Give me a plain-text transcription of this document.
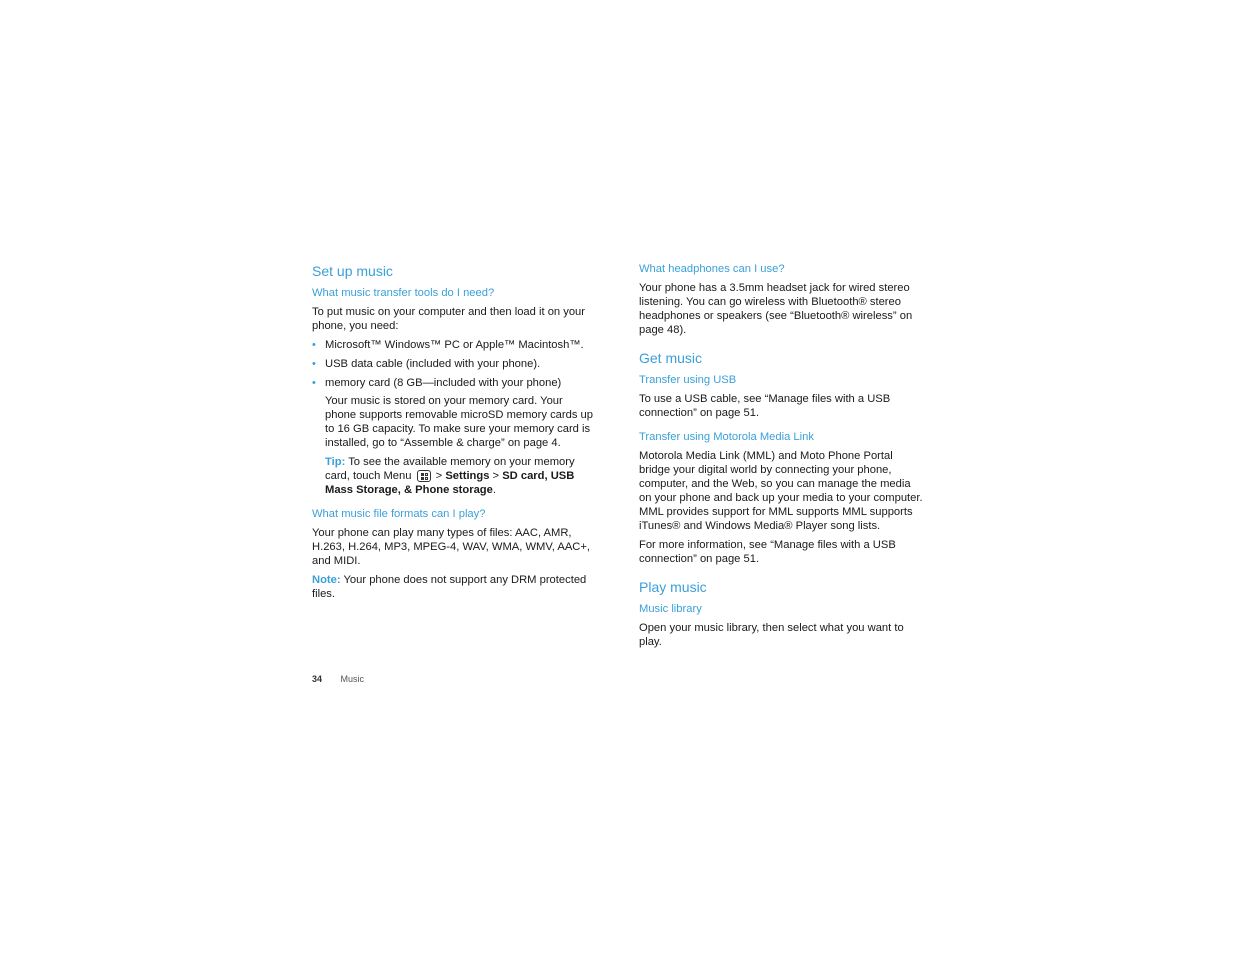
Set up music
What music transfer tools do I need?

To put music on your computer and then load it on your phone, you need:

• Microsoft™ Windows™ PC or Apple™ Macintosh™.
• USB data cable (included with your phone).
• memory card (8 GB—included with your phone)

Your music is stored on your memory card. Your phone supports removable microSD memory cards up to 16 GB capacity. To make sure your memory card is installed, go to “Assemble & charge” on page 4.

Tip: To see the available memory on your memory card, touch Menu
> Settings > SD card, USB Mass Storage, & Phone storage.

What music file formats can I play?

Your phone can play many types of files: AAC, AMR, H.263, H.264, MP3, MPEG-4, WAV, WMA, WMV, AAC+, and MIDI.

Note: Your phone does not support any DRM protected files.

What headphones can I use?

Your phone has a 3.5mm headset jack for wired stereo listening. You can go wireless with Bluetooth® stereo headphones or speakers (see “Bluetooth® wireless” on page 48).

Get music
Transfer using USB

To use a USB cable, see “Manage files with a USB connection” on page 51.

Transfer using Motorola Media Link

Motorola Media Link (MML) and Moto Phone Portal bridge your digital world by connecting your phone, computer, and the Web, so you can manage the media on your phone and back up your media to your computer. MML provides support for MML supports MML supports iTunes® and Windows Media® Player song lists.

For more information, see “Manage files with a USB connection” on page 51.

Play music
Music library

Open your music library, then select what you want to play.

34 Music
